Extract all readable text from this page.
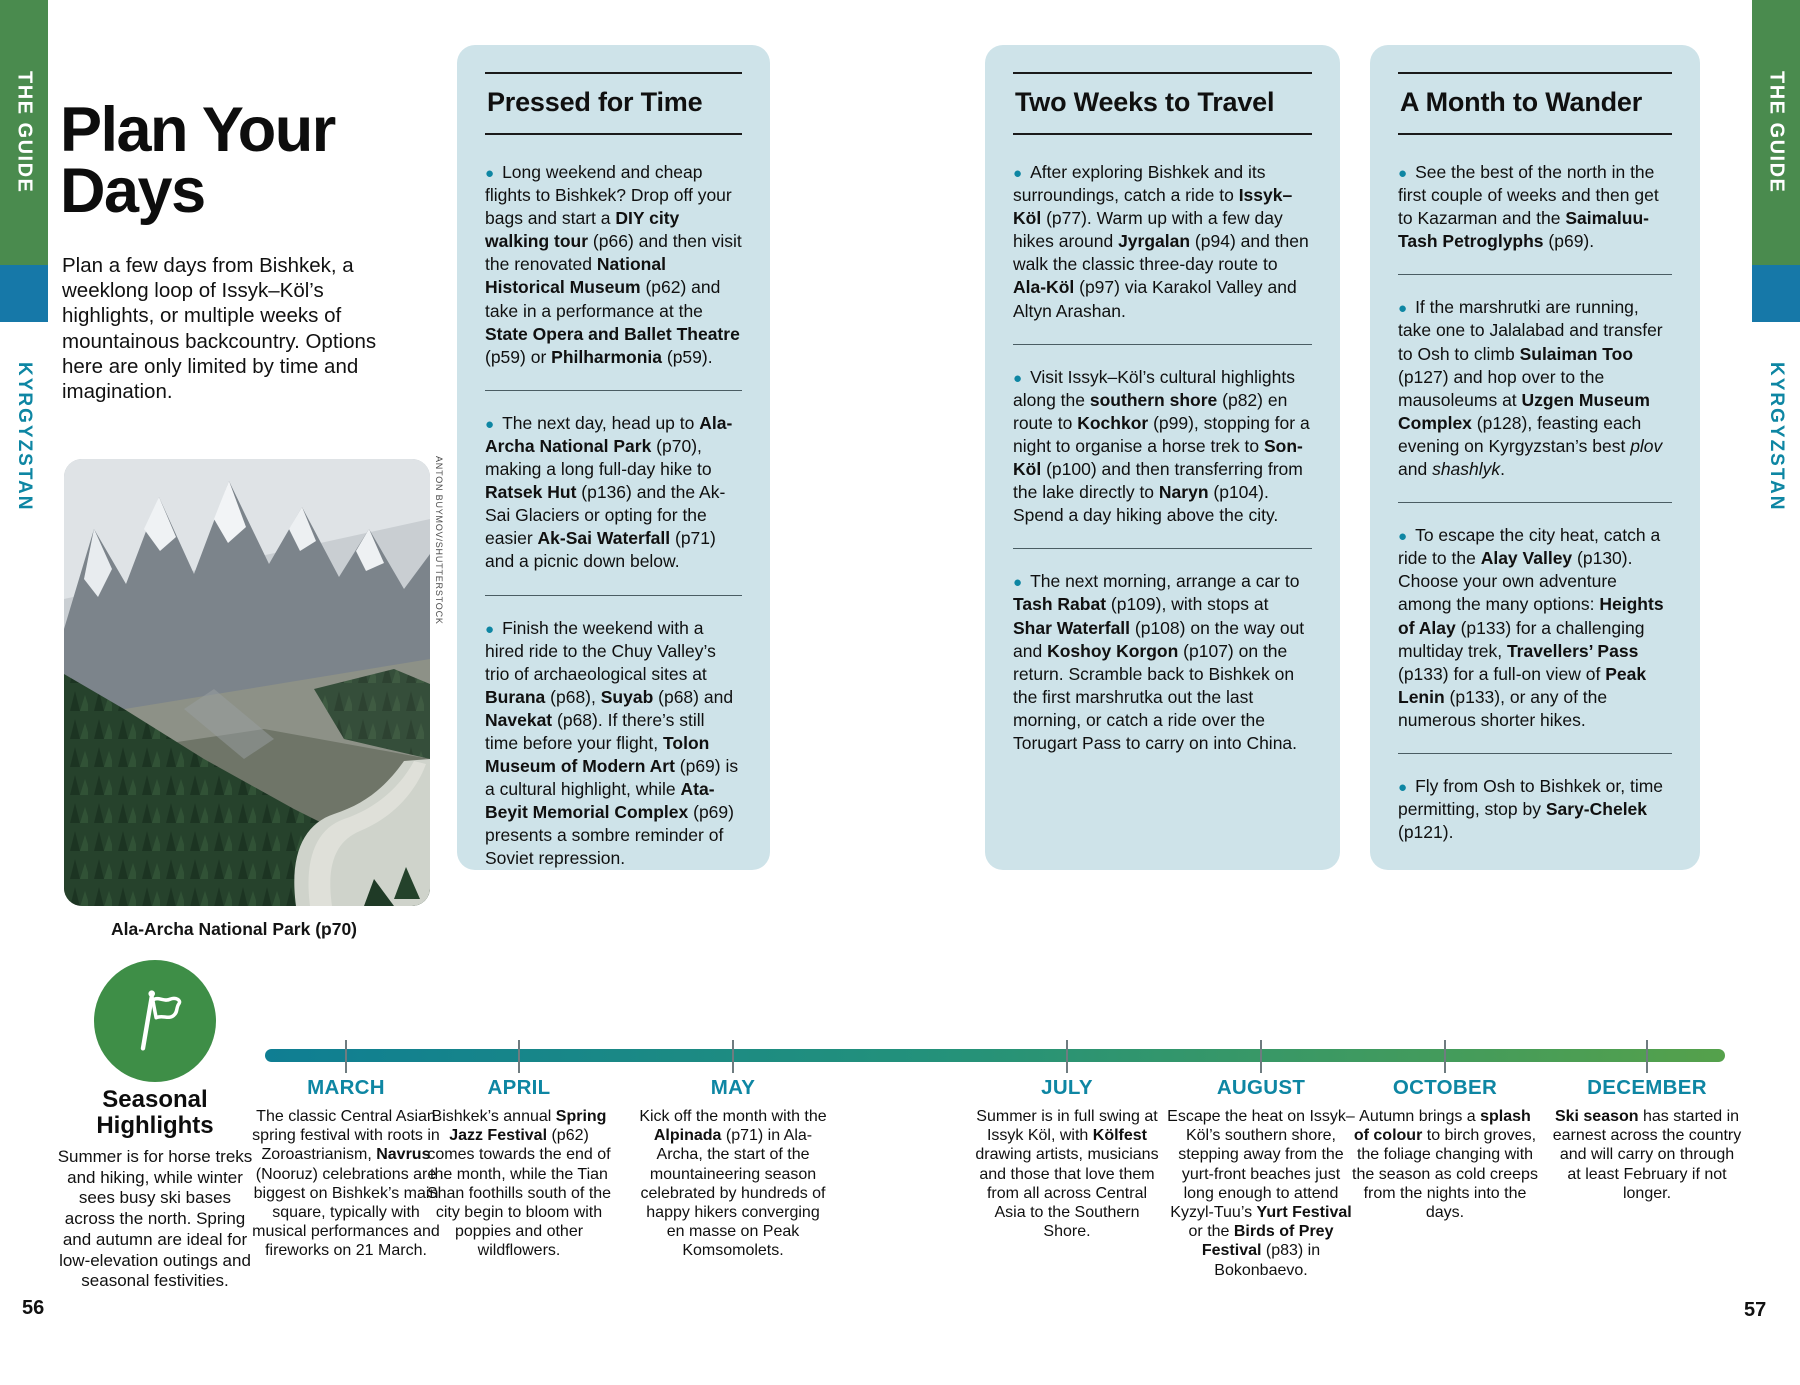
THE GUIDE
KYRGYZSTAN
THE GUIDE
KYRGYZSTAN
Plan Your Days

Plan a few days from Bishkek, a weeklong loop of Issyk–Köl’s highlights, or multiple weeks of mountainous backcountry. Options here are only limited by time and imagination.

ANTON BUYMOV/SHUTTERSTOCK
Ala-Archa National Park (p70)
Pressed for Time

● Long weekend and cheap flights to Bishkek? Drop off your bags and start a DIY city walking tour (p66) and then visit the renovated National Historical Museum (p62) and take in a performance at the State Opera and Ballet Theatre (p59) or Philharmonia (p59).

● The next day, head up to Ala-Archa National Park (p70), making a long full-day hike to Ratsek Hut (p136) and the Ak-Sai Glaciers or opting for the easier Ak-Sai Waterfall (p71) and a picnic down below.

● Finish the weekend with a hired ride to the Chuy Valley’s trio of archaeological sites at Burana (p68), Suyab (p68) and Navekat (p68). If there’s still time before your flight, Tolon Museum of Modern Art (p69) is a cultural highlight, while Ata-Beyit Memorial Complex (p69) presents a sombre reminder of Soviet repression.

Two Weeks to Travel

● After exploring Bishkek and its surroundings, catch a ride to Issyk–Köl (p77). Warm up with a few day hikes around Jyrgalan (p94) and then walk the classic three-day route to Ala-Köl (p97) via Karakol Valley and Altyn Arashan.

● Visit Issyk–Köl’s cultural highlights along the southern shore (p82) en route to Kochkor (p99), stopping for a night to organise a horse trek to Son-Köl (p100) and then transferring from the lake directly to Naryn (p104). Spend a day hiking above the city.

● The next morning, arrange a car to Tash Rabat (p109), with stops at Shar Waterfall (p108) on the way out and Koshoy Korgon (p107) on the return. Scramble back to Bishkek on the first marshrutka out the last morning, or catch a ride over the Torugart Pass to carry on into China.

A Month to Wander

● See the best of the north in the first couple of weeks and then get to Kazarman and the Saimaluu-Tash Petroglyphs (p69).

● If the marshrutki are running, take one to Jalalabad and transfer to Osh to climb Sulaiman Too (p127) and hop over to the mausoleums at Uzgen Museum Complex (p128), feasting each evening on Kyrgyzstan’s best plov and shashlyk.

● To escape the city heat, catch a ride to the Alay Valley (p130). Choose your own adventure among the many options: Heights of Alay (p133) for a challenging multiday trek, Travellers’ Pass (p133) for a full-on view of Peak Lenin (p133), or any of the numerous shorter hikes.

● Fly from Osh to Bishkek or, time permitting, stop by Sary-Chelek (p121).

Seasonal Highlights

Summer is for horse treks and hiking, while winter sees busy ski bases across the north. Spring and autumn are ideal for low-elevation outings and seasonal festivities.

MARCH

The classic Central Asian spring festival with roots in Zoroastrianism, Navrus (Nooruz) celebrations are biggest on Bishkek’s main square, typically with musical performances and fireworks on 21 March.

APRIL

Bishkek’s annual Spring Jazz Festival (p62) comes towards the end of the month, while the Tian Shan foothills south of the city begin to bloom with poppies and other wildflowers.

MAY

Kick off the month with the Alpinada (p71) in Ala-Archa, the start of the mountaineering season celebrated by hundreds of happy hikers converging en masse on Peak Komsomolets.

JULY

Summer is in full swing at Issyk Köl, with Kölfest drawing artists, musicians and those that love them from all across Central Asia to the Southern Shore.

AUGUST

Escape the heat on Issyk–Köl’s southern shore, stepping away from the yurt-front beaches just long enough to attend Kyzyl-Tuu’s Yurt Festival or the Birds of Prey Festival (p83) in Bokonbaevo.

OCTOBER

Autumn brings a splash of colour to birch groves, the foliage changing with the season as cold creeps from the nights into the days.

DECEMBER

Ski season has started in earnest across the country and will carry on through at least February if not longer.

56	57
